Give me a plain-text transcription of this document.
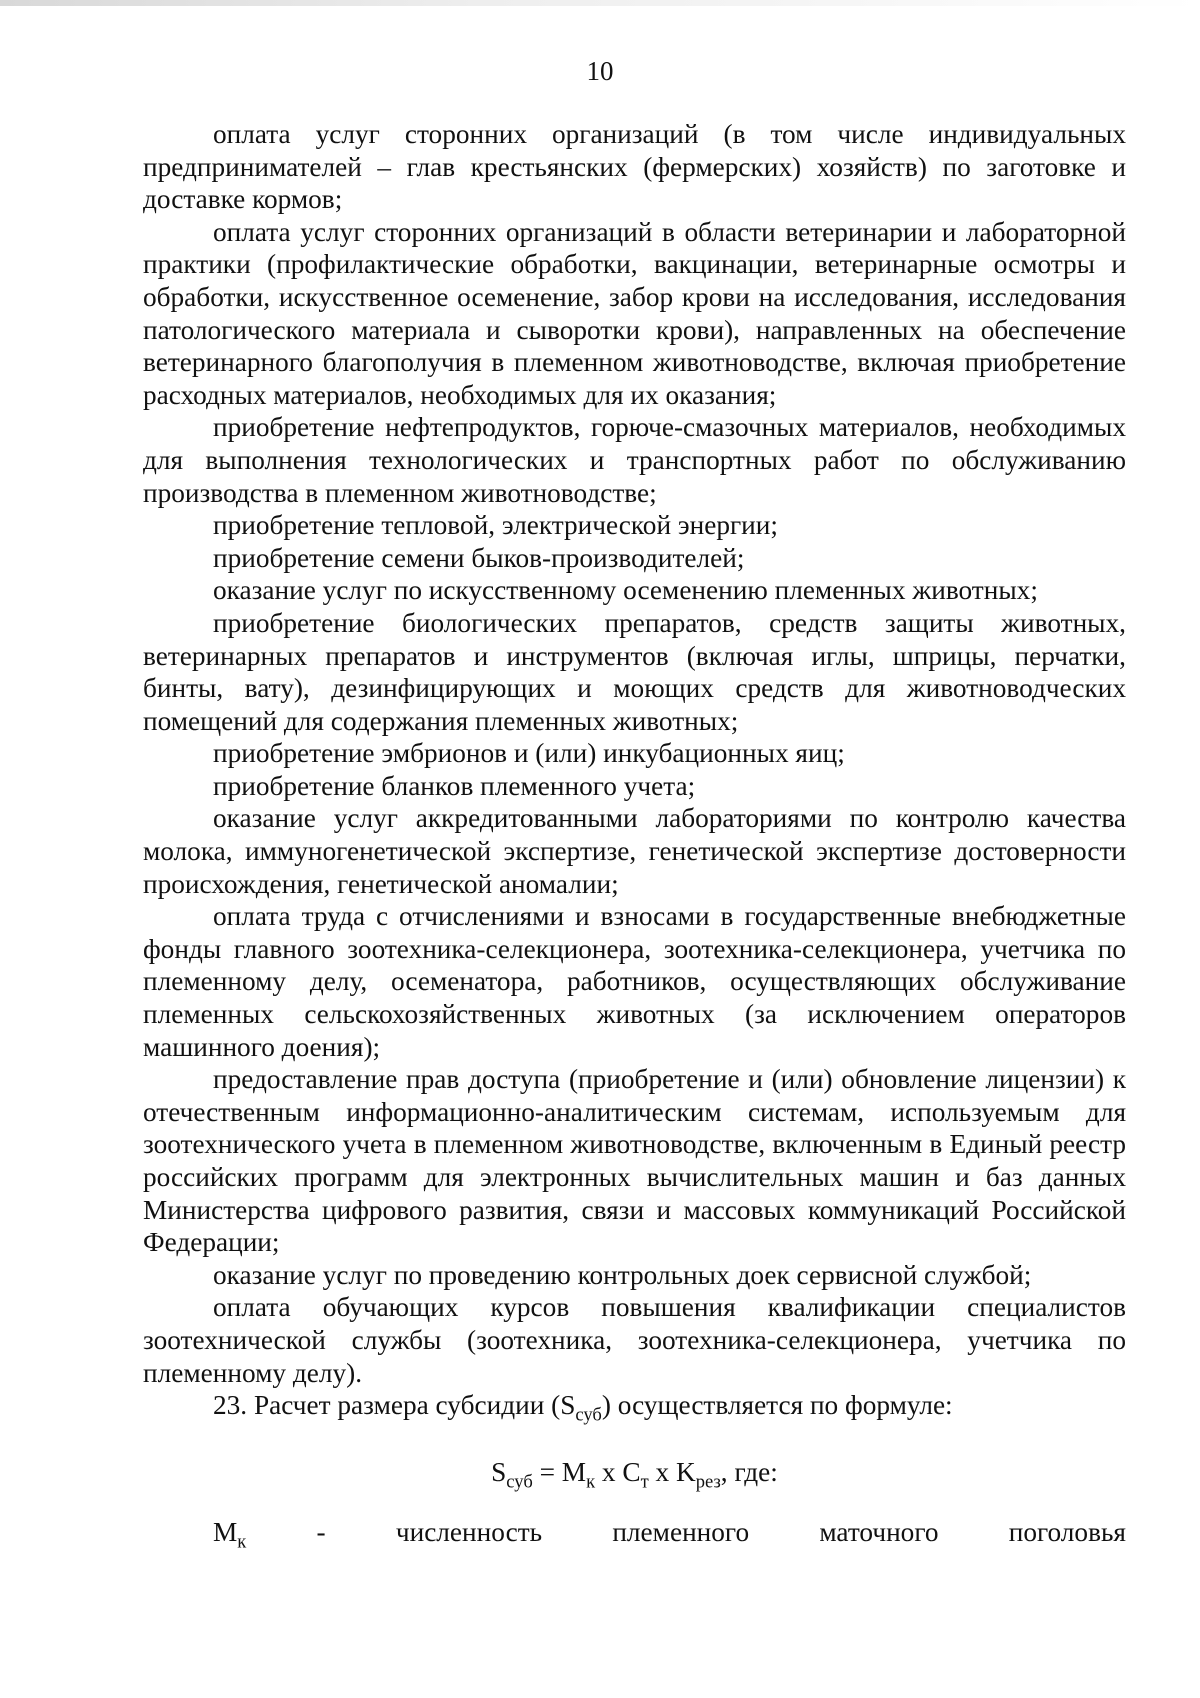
10

оплата услуг сторонних организаций (в том числе индивидуальных предпринимателей – глав крестьянских (фермерских) хозяйств) по заготовке и доставке кормов;

оплата услуг сторонних организаций в области ветеринарии и лабораторной практики (профилактические обработки, вакцинации, ветеринарные осмотры и обработки, искусственное осеменение, забор крови на исследования, исследования патологического материала и сыворотки крови), направленных на обеспечение ветеринарного благополучия в племенном животноводстве, включая приобретение расходных материалов, необходимых для их оказания;

приобретение нефтепродуктов, горюче-смазочных материалов, необходимых для выполнения технологических и транспортных работ по обслуживанию производства в племенном животноводстве;

приобретение тепловой, электрической энергии;

приобретение семени быков-производителей;

оказание услуг по искусственному осеменению племенных животных;

приобретение биологических препаратов, средств защиты животных, ветеринарных препаратов и инструментов (включая иглы, шприцы, перчатки, бинты, вату), дезинфицирующих и моющих средств для животноводческих помещений для содержания племенных животных;

приобретение эмбрионов и (или) инкубационных яиц;

приобретение бланков племенного учета;

оказание услуг аккредитованными лабораториями по контролю качества молока, иммуногенетической экспертизе, генетической экспертизе достоверности происхождения, генетической аномалии;

оплата труда с отчислениями и взносами в государственные внебюджетные фонды главного зоотехника-селекционера, зоотехника-селекционера, учетчика по племенному делу, осеменатора, работников, осуществляющих обслуживание племенных сельскохозяйственных животных (за исключением операторов машинного доения);

предоставление прав доступа (приобретение и (или) обновление лицензии) к отечественным информационно-аналитическим системам, используемым для зоотехнического учета в племенном животноводстве, включенным в Единый реестр российских программ для электронных вычислительных машин и баз данных Министерства цифрового развития, связи и массовых коммуникаций Российской Федерации;

оказание услуг по проведению контрольных доек сервисной службой;

оплата обучающих курсов повышения квалификации специалистов зоотехнической службы (зоотехника, зоотехника-селекционера, учетчика по племенному делу).

23. Расчет размера субсидии $(S_{суб})$ осуществляется по формуле:

$S_{суб} = M_к$ x $C_т$ x $K_{рез}$, где:

$M_к$	-	численность	племенного	маточного	поголовья
